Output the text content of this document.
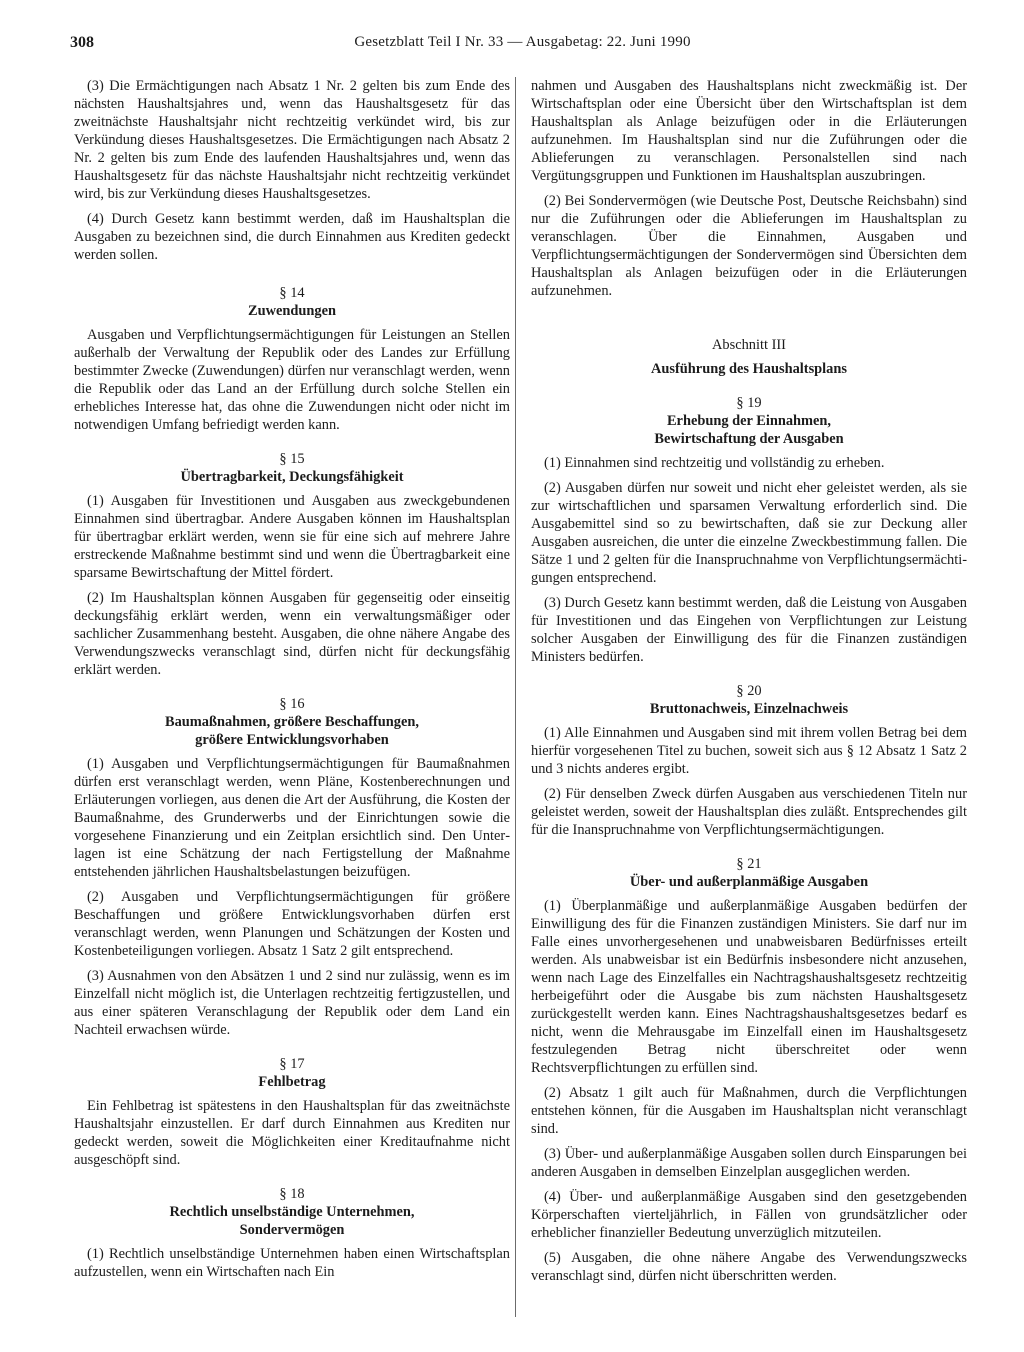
308	Gesetzblatt Teil I Nr. 33 — Ausgabetag: 22. Juni 1990

(3) Die Ermächtigungen nach Absatz 1 Nr. 2 gelten bis zum Ende des nächsten Haushaltsjahres und, wenn das Haushaltsgesetz für das zweitnächste Haushaltsjahr nicht rechtzeitig verkündet wird, bis zur Verkündung dieses Haushaltsgesetzes. Die Ermächtigungen nach Absatz 2 Nr. 2 gelten bis zum Ende des laufenden Haushaltsjahres und, wenn das Haushaltsgesetz für das nächste Haushaltsjahr nicht rechtzeitig verkündet wird, bis zur Verkündung dieses Haushaltsgesetzes.

(4) Durch Gesetz kann bestimmt werden, daß im Haushaltsplan die Ausgaben zu bezeichnen sind, die durch Einnahmen aus Krediten gedeckt werden sollen.

§ 14
Zuwendungen

Ausgaben und Verpflichtungsermächtigungen für Leistungen an Stellen außerhalb der Verwaltung der Republik oder des Landes zur Erfüllung bestimmter Zwecke (Zuwendungen) dürfen nur veranschlagt werden, wenn die Republik oder das Land an der Erfüllung durch solche Stellen ein erhebliches Interesse hat, das ohne die Zuwendungen nicht oder nicht im notwendigen Umfang befriedigt werden kann.

§ 15
Übertragbarkeit, Deckungsfähigkeit

(1) Ausgaben für Investitionen und Ausgaben aus zweckgebundenen Einnahmen sind übertragbar. Andere Ausgaben können im Haushaltsplan für übertragbar erklärt werden, wenn sie für eine sich auf mehrere Jahre erstreckende Maßnahme bestimmt sind und wenn die Übertragbarkeit eine sparsame Bewirtschaftung der Mittel fördert.

(2) Im Haushaltsplan können Ausgaben für gegenseitig oder einseitig deckungsfähig erklärt werden, wenn ein verwaltungsmäßiger oder sachlicher Zusammenhang besteht. Ausgaben, die ohne nähere Angabe des Verwendungszwecks veranschlagt sind, dürfen nicht für deckungsfähig erklärt werden.

§ 16
Baumaßnahmen, größere Beschaffungen,
größere Entwicklungsvorhaben

(1) Ausgaben und Verpflichtungsermächtigungen für Baumaßnahmen dürfen erst veranschlagt werden, wenn Pläne, Kostenberechnungen und Erläuterungen vorliegen, aus denen die Art der Ausführung, die Kosten der Baumaßnahme, des Grunderwerbs und der Einrichtungen sowie die vorgesehene Finanzierung und ein Zeitplan ersichtlich sind. Den Unterlagen ist eine Schätzung der nach Fertigstellung der Maßnahme entstehenden jährlichen Haushaltsbelastungen beizufügen.

(2) Ausgaben und Verpflichtungsermächtigungen für größere Beschaffungen und größere Entwicklungsvorhaben dürfen erst veranschlagt werden, wenn Planungen und Schätzungen der Kosten und Kostenbeteiligungen vorliegen. Absatz 1 Satz 2 gilt entsprechend.

(3) Ausnahmen von den Absätzen 1 und 2 sind nur zulässig, wenn es im Einzelfall nicht möglich ist, die Unterlagen rechtzeitig fertigzustellen, und aus einer späteren Veranschlagung der Republik oder dem Land ein Nachteil erwachsen würde.

§ 17
Fehlbetrag

Ein Fehlbetrag ist spätestens in den Haushaltsplan für das zweitnächste Haushaltsjahr einzustellen. Er darf durch Einnahmen aus Krediten nur gedeckt werden, soweit die Möglichkeiten einer Kreditaufnahme nicht ausgeschöpft sind.

§ 18
Rechtlich unselbständige Unternehmen,
Sondervermögen

(1) Rechtlich unselbständige Unternehmen haben einen Wirtschaftsplan aufzustellen, wenn ein Wirtschaften nach Ein

nahmen und Ausgaben des Haushaltsplans nicht zweckmäßig ist. Der Wirtschaftsplan oder eine Übersicht über den Wirtschaftsplan ist dem Haushaltsplan als Anlage beizufügen oder in die Erläuterungen aufzunehmen. Im Haushaltsplan sind nur die Zuführungen oder die Ablieferungen zu veranschlagen. Personalstellen sind nach Vergütungsgruppen und Funktionen im Haushaltsplan auszubringen.

(2) Bei Sondervermögen (wie Deutsche Post, Deutsche Reichsbahn) sind nur die Zuführungen oder die Ablieferungen im Haushaltsplan zu veranschlagen. Über die Einnahmen, Ausgaben und Verpflichtungsermächtigungen der Sondervermögen sind Übersichten dem Haushaltsplan als Anlagen beizufügen oder in die Erläuterungen aufzunehmen.

Abschnitt III
Ausführung des Haushaltsplans
§ 19
Erhebung der Einnahmen,
Bewirtschaftung der Ausgaben

(1) Einnahmen sind rechtzeitig und vollständig zu erheben.

(2) Ausgaben dürfen nur soweit und nicht eher geleistet werden, als sie zur wirtschaftlichen und sparsamen Verwaltung erforderlich sind. Die Ausgabemittel sind so zu bewirtschaften, daß sie zur Deckung aller Ausgaben ausreichen, die unter die einzelne Zweckbestimmung fallen. Die Sätze 1 und 2 gelten für die Inanspruchnahme von Verpflichtungsermächtigungen entsprechend.

(3) Durch Gesetz kann bestimmt werden, daß die Leistung von Ausgaben für Investitionen und das Eingehen von Verpflichtungen zur Leistung solcher Ausgaben der Einwilligung des für die Finanzen zuständigen Ministers bedürfen.

§ 20
Bruttonachweis, Einzelnachweis

(1) Alle Einnahmen und Ausgaben sind mit ihrem vollen Betrag bei dem hierfür vorgesehenen Titel zu buchen, soweit sich aus § 12 Absatz 1 Satz 2 und 3 nichts anderes ergibt.

(2) Für denselben Zweck dürfen Ausgaben aus verschiedenen Titeln nur geleistet werden, soweit der Haushaltsplan dies zuläßt. Entsprechendes gilt für die Inanspruchnahme von Verpflichtungsermächtigungen.

§ 21
Über- und außerplanmäßige Ausgaben

(1) Überplanmäßige und außerplanmäßige Ausgaben bedürfen der Einwilligung des für die Finanzen zuständigen Ministers. Sie darf nur im Falle eines unvorhergesehenen und unabweisbaren Bedürfnisses erteilt werden. Als unabweisbar ist ein Bedürfnis insbesondere nicht anzusehen, wenn nach Lage des Einzelfalles ein Nachtragshaushaltsgesetz rechtzeitig herbeigeführt oder die Ausgabe bis zum nächsten Haushaltsgesetz zurückgestellt werden kann. Eines Nachtragshaushaltsgesetzes bedarf es nicht, wenn die Mehrausgabe im Einzelfall einen im Haushaltsgesetz festzulegenden Betrag nicht überschreitet oder wenn Rechtsverpflichtungen zu erfüllen sind.

(2) Absatz 1 gilt auch für Maßnahmen, durch die Verpflichtungen entstehen können, für die Ausgaben im Haushaltsplan nicht veranschlagt sind.

(3) Über- und außerplanmäßige Ausgaben sollen durch Einsparungen bei anderen Ausgaben in demselben Einzelplan ausgeglichen werden.

(4) Über- und außerplanmäßige Ausgaben sind den gesetzgebenden Körperschaften vierteljährlich, in Fällen von grundsätzlicher oder erheblicher finanzieller Bedeutung unverzüglich mitzuteilen.

(5) Ausgaben, die ohne nähere Angabe des Verwendungszwecks veranschlagt sind, dürfen nicht überschritten werden.
